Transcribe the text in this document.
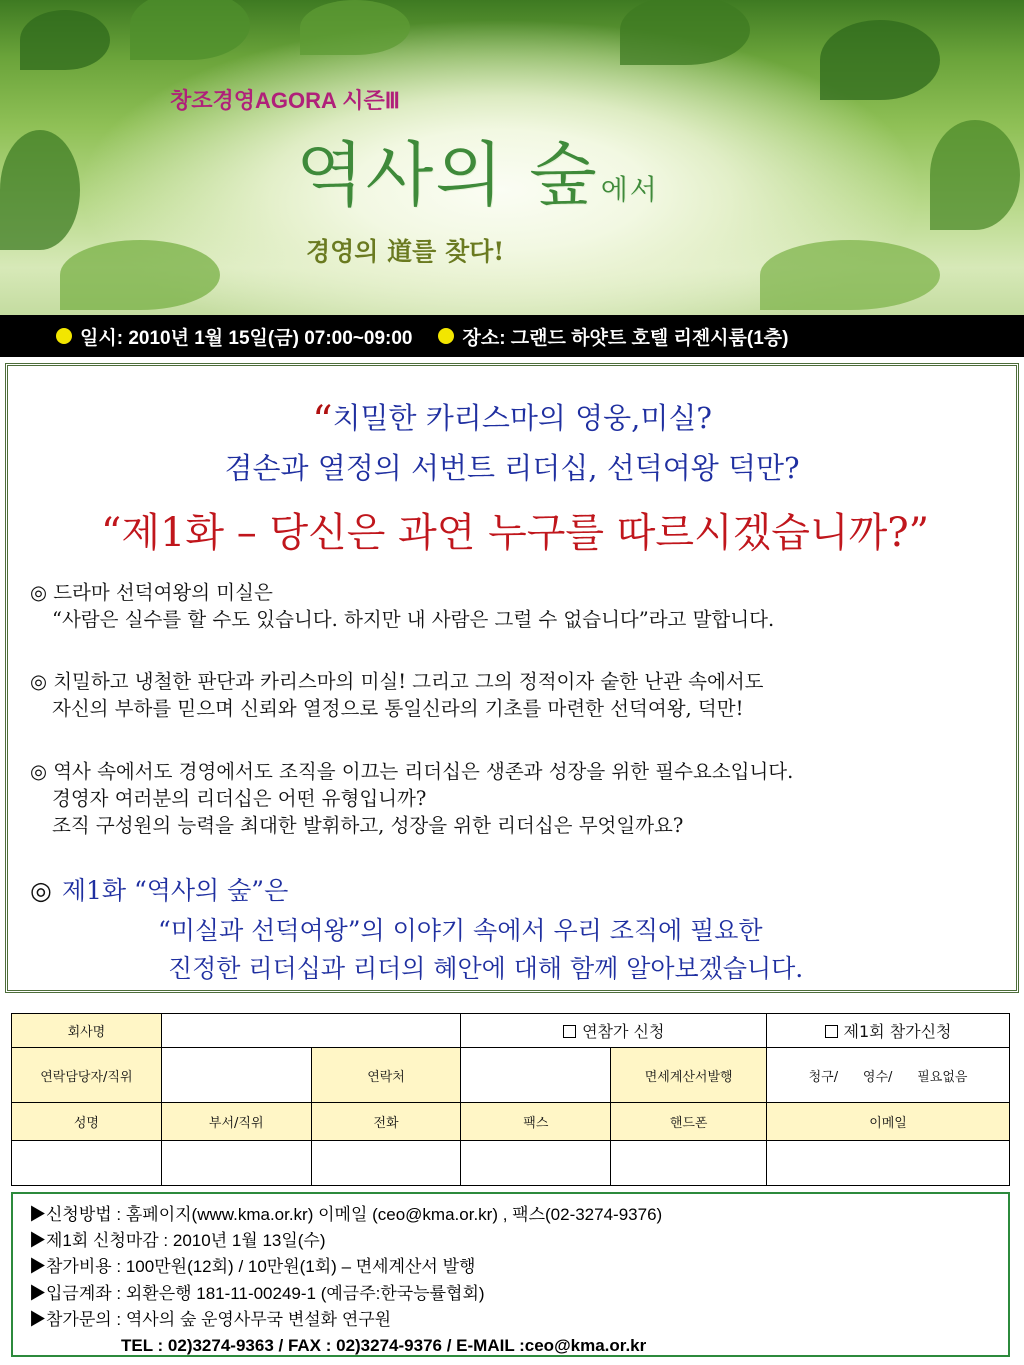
창조경영AGORA 시즌Ⅲ
역사의 숲에서
경영의 道를 찾다!
일시: 2010년 1월 15일(금) 07:00~09:00	장소: 그랜드 하얏트 호텔 리젠시룸(1층)
“치밀한 카리스마의 영웅,미실?
겸손과 열정의 서번트 리더십, 선덕여왕 덕만?
“제1화 – 당신은 과연 누구를 따르시겠습니까?”
◎ 드라마 선덕여왕의 미실은
“사람은 실수를 할 수도 있습니다. 하지만 내 사람은 그럴 수 없습니다”라고 말합니다.
◎ 치밀하고 냉철한 판단과 카리스마의 미실! 그리고 그의 정적이자 숱한 난관 속에서도
자신의 부하를 믿으며 신뢰와 열정으로 통일신라의 기초를 마련한 선덕여왕, 덕만!
◎ 역사 속에서도 경영에서도 조직을 이끄는 리더십은 생존과 성장을 위한 필수요소입니다.
경영자 여러분의 리더십은 어떤 유형입니까?
조직 구성원의 능력을 최대한 발휘하고, 성장을 위한 리더십은 무엇일까요?
◎ 제1화 “역사의 숲”은
“미실과 선덕여왕”의 이야기 속에서 우리 조직에 필요한
진정한 리더십과 리더의 혜안에 대해 함께 알아보겠습니다.
회사명			연참가 신청		제1회 참가신청
연락담당자/직위		연락처		면세계산서발행	청구/      영수/      필요없음
성명	부서/직위	전화	팩스	핸드폰	이메일

▶신청방법 : 홈페이지(www.kma.or.kr) 이메일 (ceo@kma.or.kr) , 팩스(02-3274-9376)
▶제1회 신청마감 : 2010년 1월 13일(수)
▶참가비용 : 100만원(12회) / 10만원(1회) – 면세계산서 발행
▶입금계좌 : 외환은행 181-11-00249-1 (예금주:한국능률협회)
▶참가문의 : 역사의 숲 운영사무국 변설화 연구원
TEL : 02)3274-9363 / FAX : 02)3274-9376 / E-MAIL :ceo@kma.or.kr
